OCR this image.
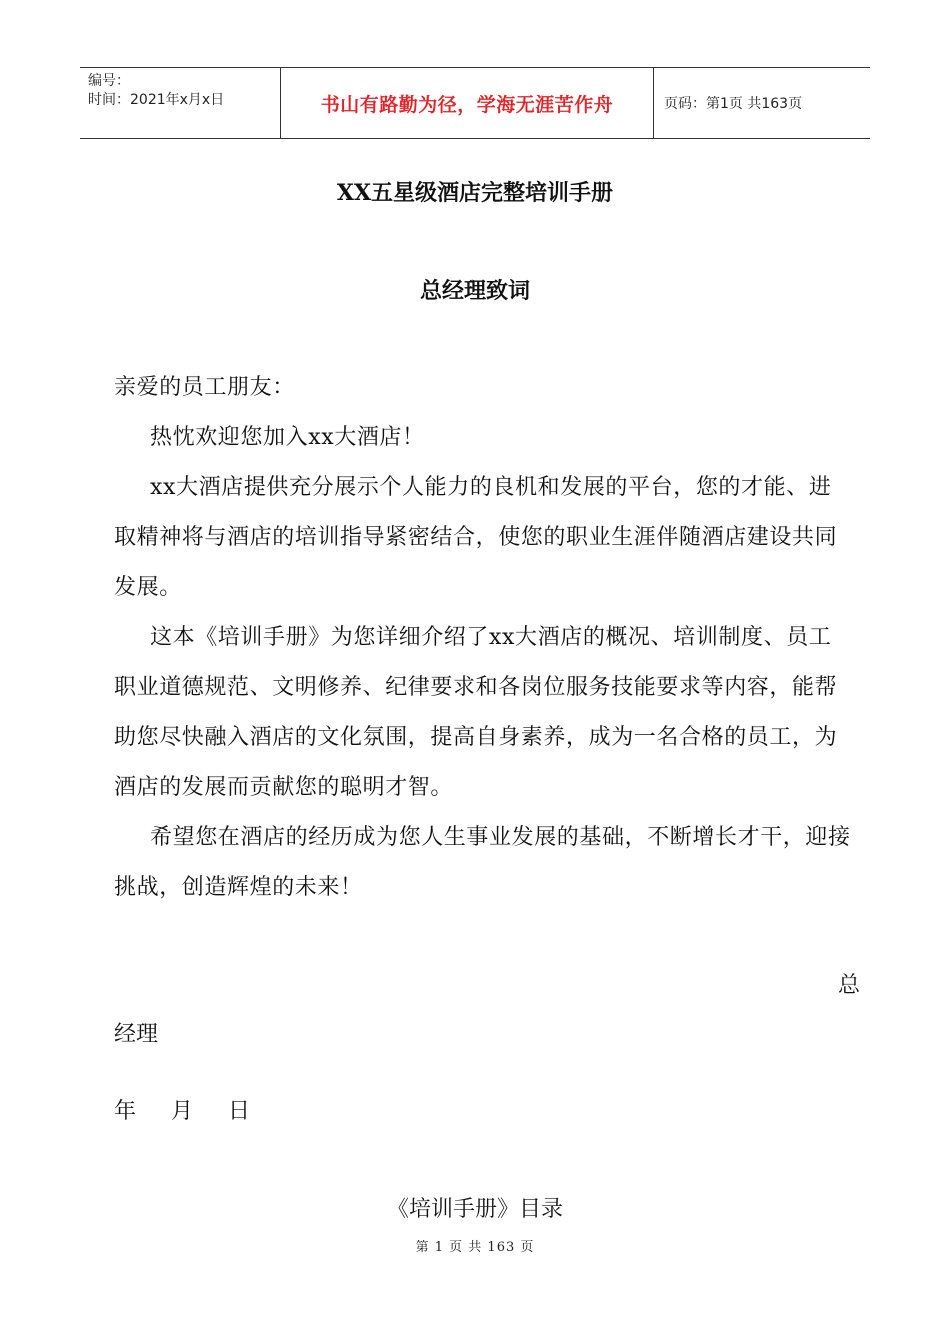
编号：
时间：2021年x月x日	书山有路勤为径，学海无涯苦作舟	页码：第1页 共163页
XX五星级酒店完整培训手册
总经理致词

亲爱的员工朋友：

热忱欢迎您加入xx大酒店！

xx大酒店提供充分展示个人能力的良机和发展的平台，您的才能、进取精神将与酒店的培训指导紧密结合，使您的职业生涯伴随酒店建设共同发展。

这本《培训手册》为您详细介绍了xx大酒店的概况、培训制度、员工职业道德规范、文明修养、纪律要求和各岗位服务技能要求等内容，能帮助您尽快融入酒店的文化氛围，提高自身素养，成为一名合格的员工，为酒店的发展而贡献您的聪明才智。

希望您在酒店的经历成为您人生事业发展的基础，不断增长才干，迎接挑战，创造辉煌的未来！

总
经理
年 月 日
《培训手册》目录
第 1 页 共 163 页
